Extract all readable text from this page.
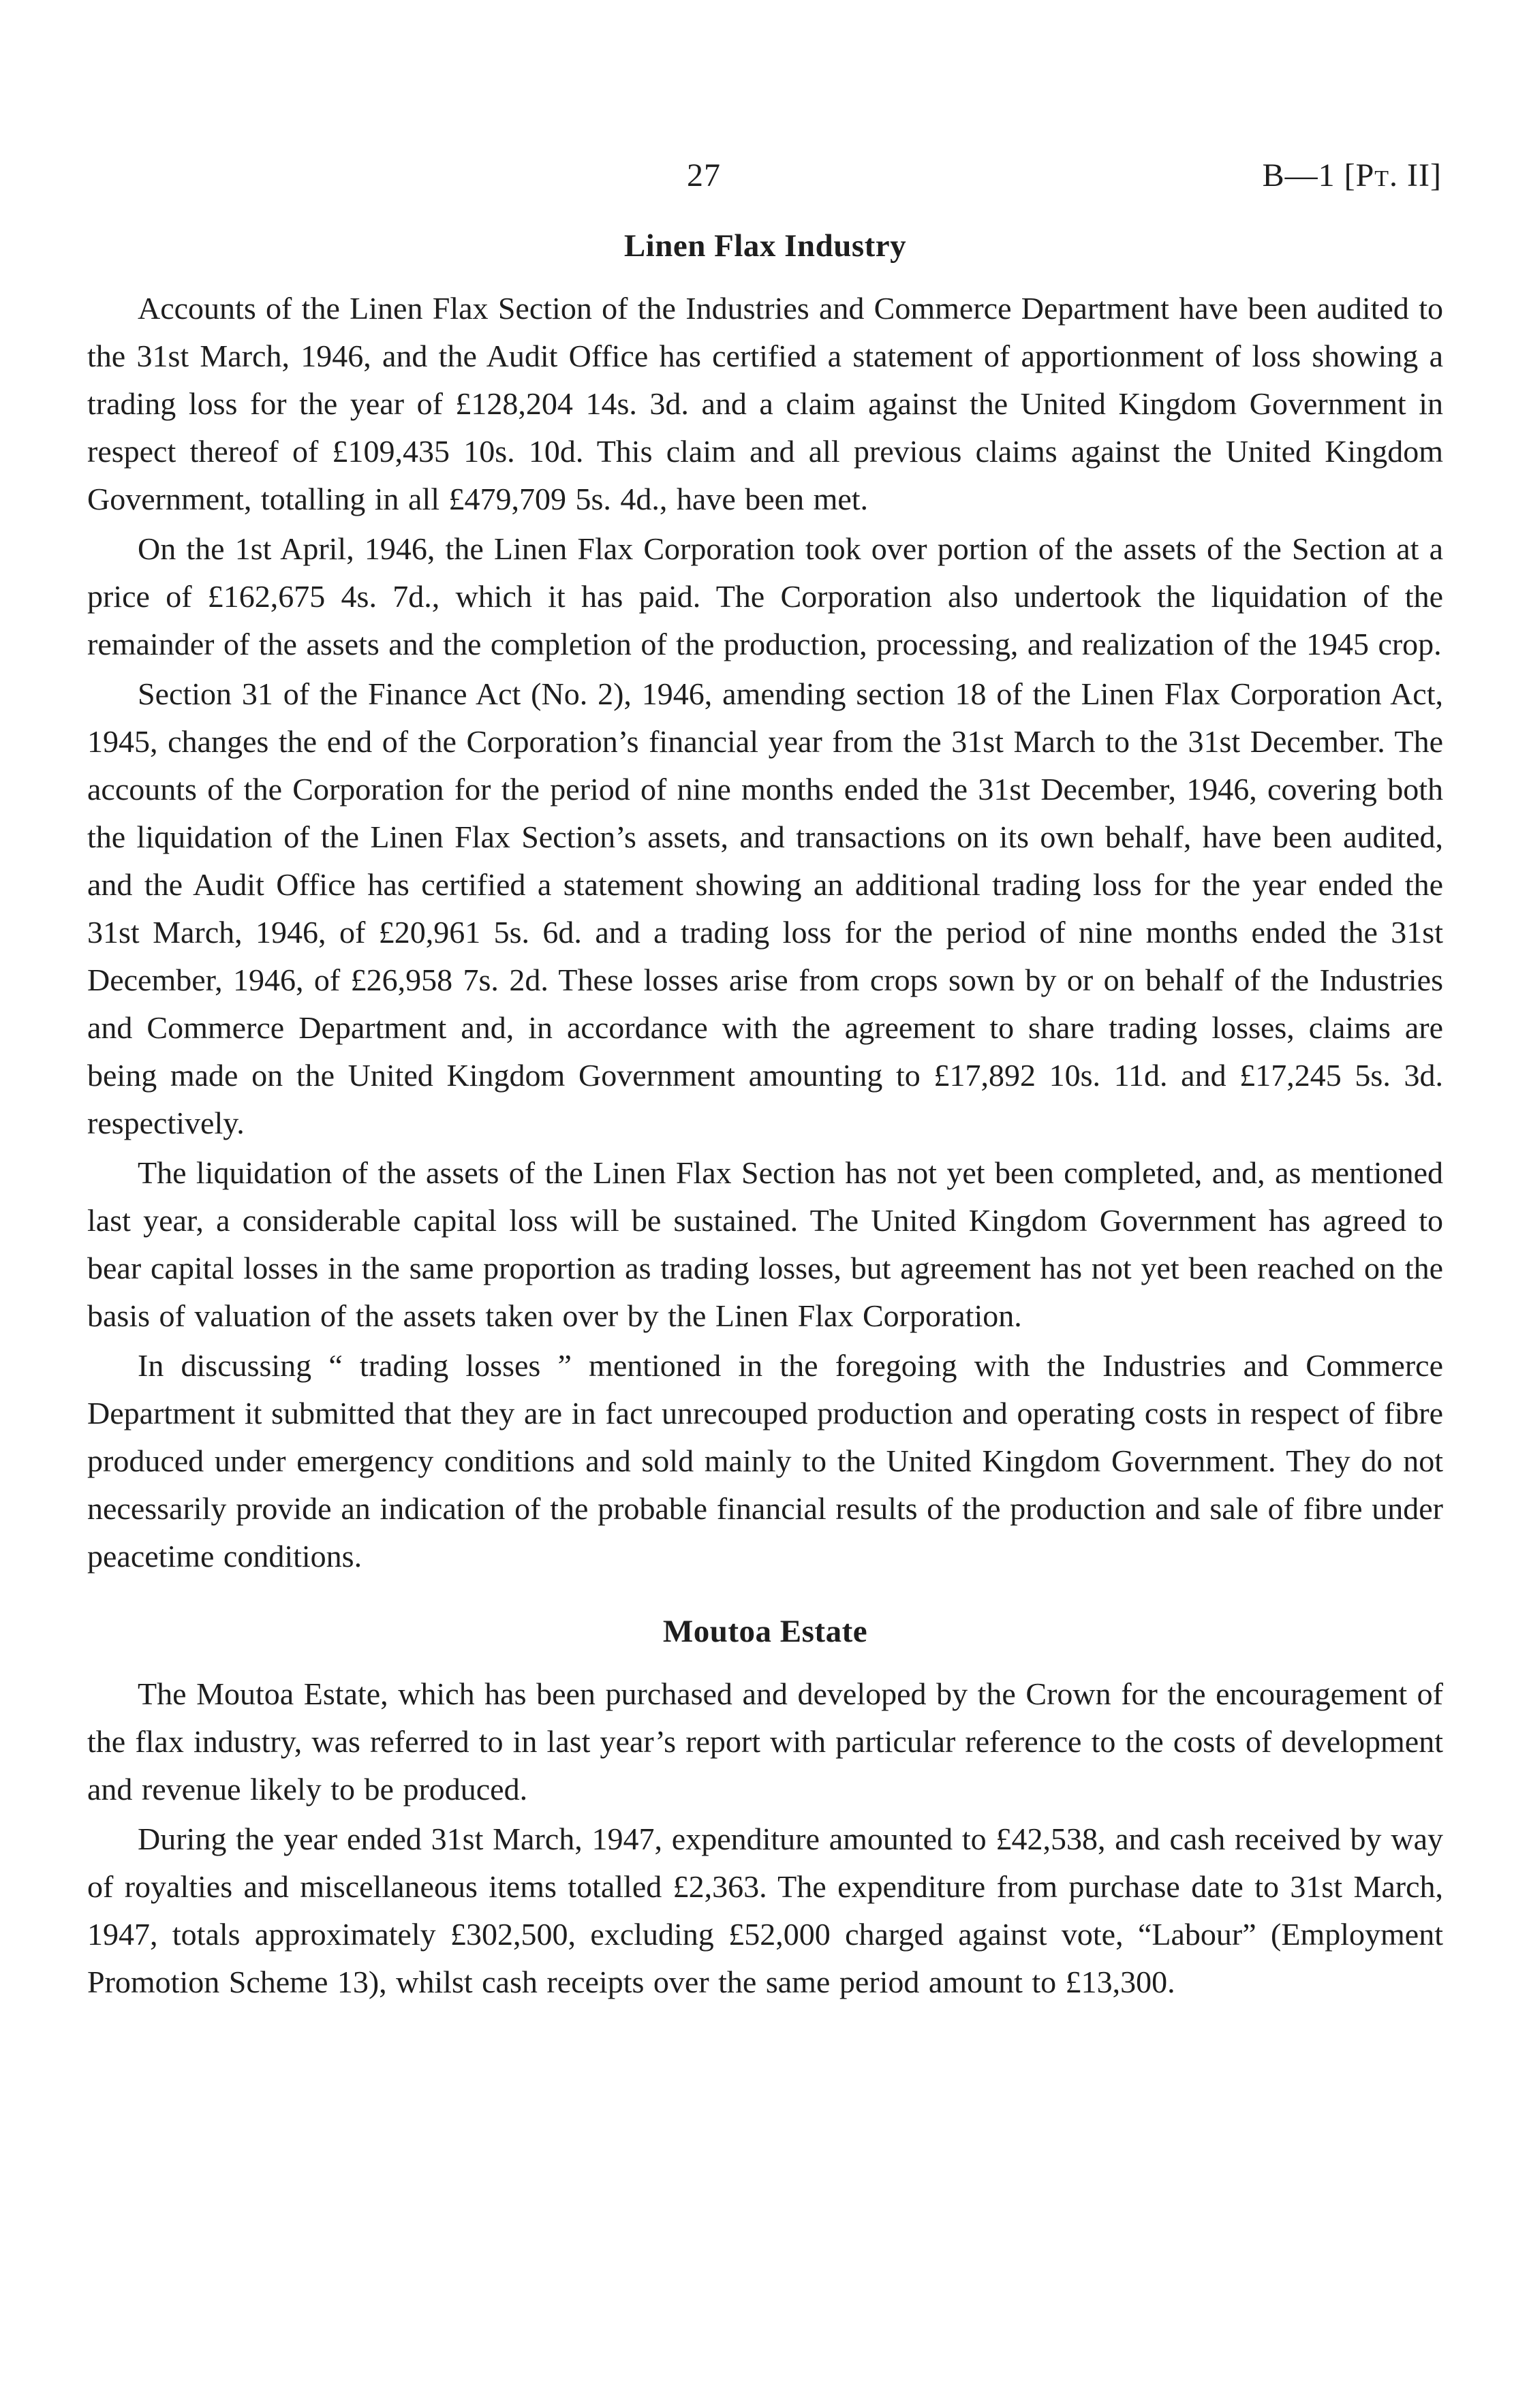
27	B—1 [Pt. II]
Linen Flax Industry

Accounts of the Linen Flax Section of the Industries and Commerce Department have been audited to the 31st March, 1946, and the Audit Office has certified a statement of apportionment of loss showing a trading loss for the year of £128,204 14s. 3d. and a claim against the United Kingdom Government in respect thereof of £109,435 10s. 10d. This claim and all previous claims against the United Kingdom Government, totalling in all £479,709 5s. 4d., have been met.

On the 1st April, 1946, the Linen Flax Corporation took over portion of the assets of the Section at a price of £162,675 4s. 7d., which it has paid. The Corporation also undertook the liquidation of the remainder of the assets and the completion of the production, processing, and realization of the 1945 crop.

Section 31 of the Finance Act (No. 2), 1946, amending section 18 of the Linen Flax Corporation Act, 1945, changes the end of the Corporation’s financial year from the 31st March to the 31st December. The accounts of the Corporation for the period of nine months ended the 31st December, 1946, covering both the liquidation of the Linen Flax Section’s assets, and transactions on its own behalf, have been audited, and the Audit Office has certified a statement showing an additional trading loss for the year ended the 31st March, 1946, of £20,961 5s. 6d. and a trading loss for the period of nine months ended the 31st December, 1946, of £26,958 7s. 2d. These losses arise from crops sown by or on behalf of the Industries and Commerce Department and, in accordance with the agreement to share trading losses, claims are being made on the United Kingdom Government amounting to £17,892 10s. 11d. and £17,245 5s. 3d. respectively.

The liquidation of the assets of the Linen Flax Section has not yet been completed, and, as mentioned last year, a considerable capital loss will be sustained. The United Kingdom Government has agreed to bear capital losses in the same proportion as trading losses, but agreement has not yet been reached on the basis of valuation of the assets taken over by the Linen Flax Corporation.

In discussing “ trading losses ” mentioned in the foregoing with the Industries and Commerce Department it submitted that they are in fact unrecouped production and operating costs in respect of fibre produced under emergency conditions and sold mainly to the United Kingdom Government. They do not necessarily provide an indication of the probable financial results of the production and sale of fibre under peacetime conditions.

Moutoa Estate

The Moutoa Estate, which has been purchased and developed by the Crown for the encouragement of the flax industry, was referred to in last year’s report with particular reference to the costs of development and revenue likely to be produced.

During the year ended 31st March, 1947, expenditure amounted to £42,538, and cash received by way of royalties and miscellaneous items totalled £2,363. The expenditure from purchase date to 31st March, 1947, totals approximately £302,500, excluding £52,000 charged against vote, “Labour” (Employment Promotion Scheme 13), whilst cash receipts over the same period amount to £13,300.
